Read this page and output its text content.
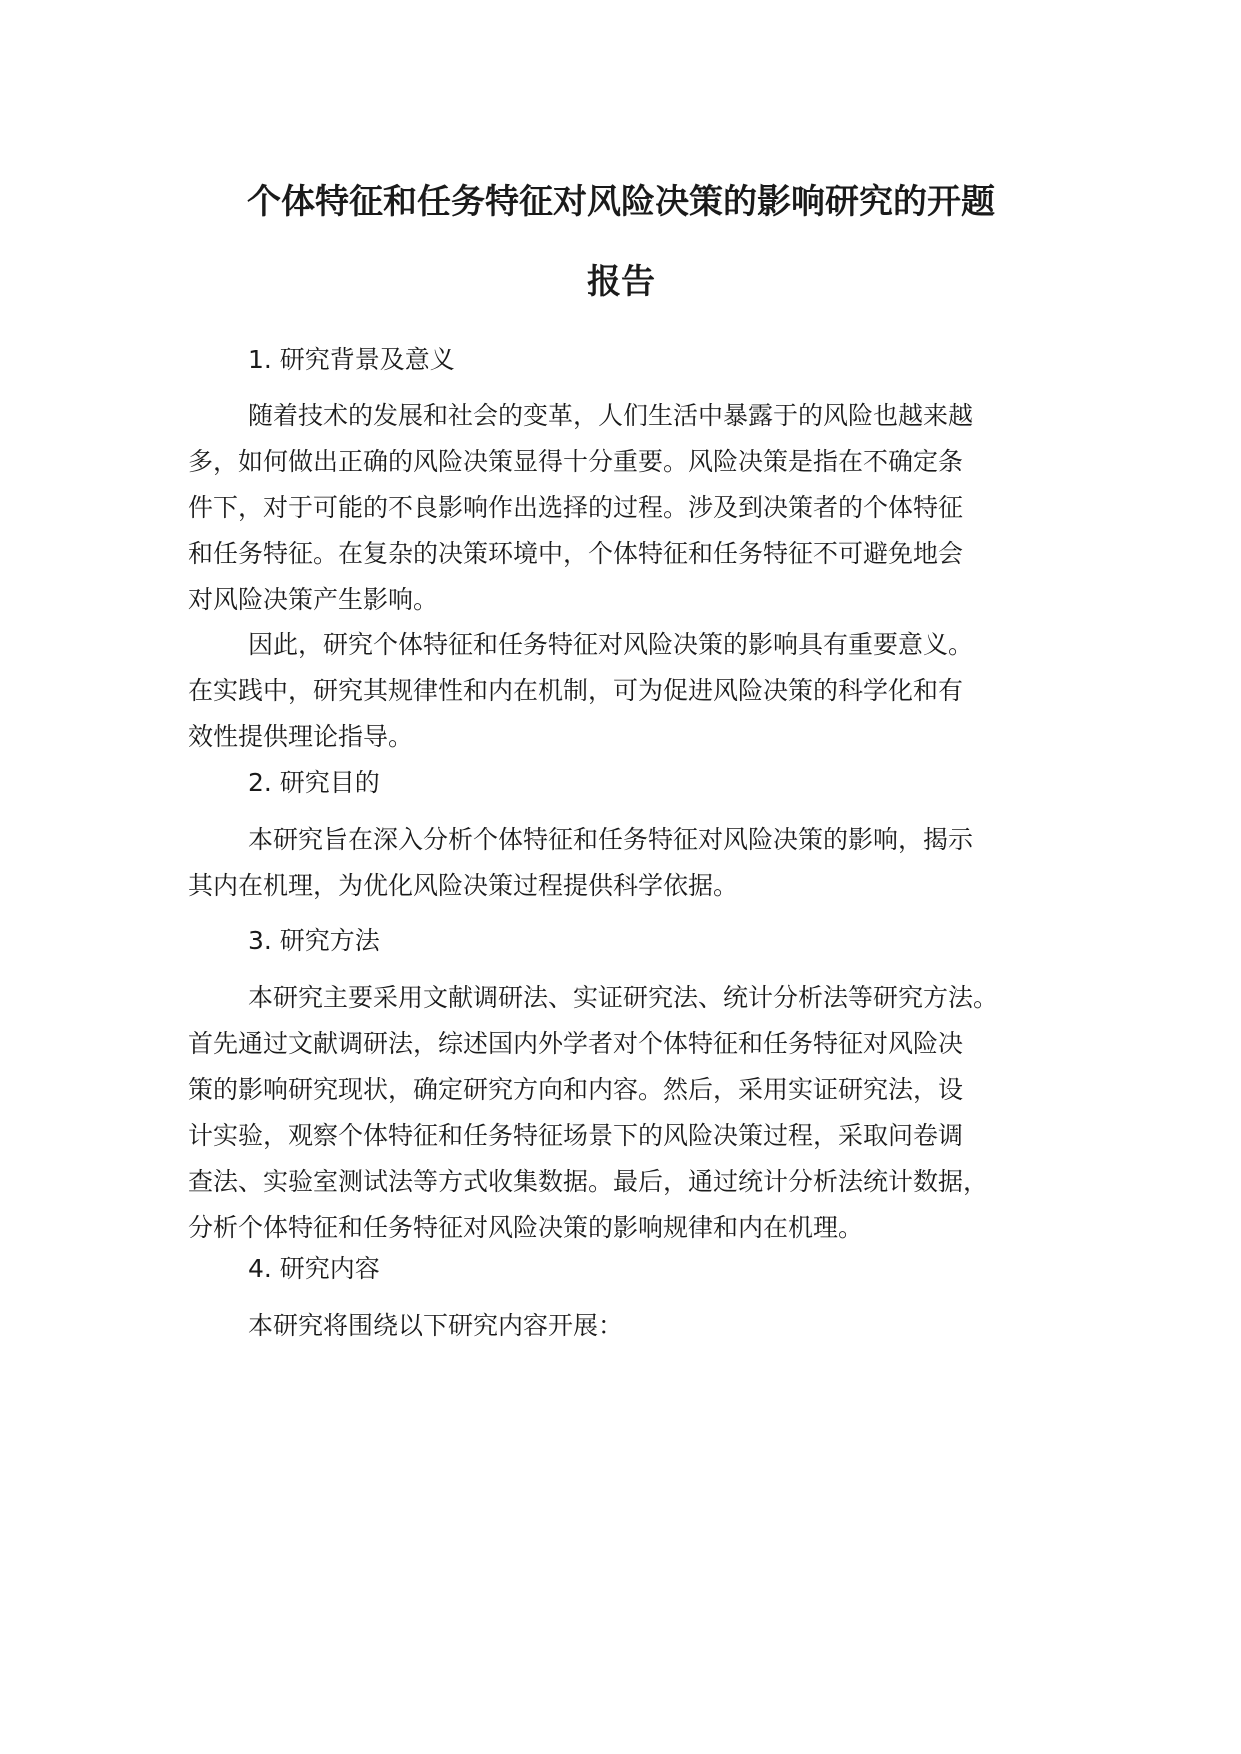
个体特征和任务特征对风险决策的影响研究的开题
报告
1. 研究背景及意义
随着技术的发展和社会的变革，人们生活中暴露于的风险也越来越
多，如何做出正确的风险决策显得十分重要。风险决策是指在不确定条
件下，对于可能的不良影响作出选择的过程。涉及到决策者的个体特征
和任务特征。在复杂的决策环境中，个体特征和任务特征不可避免地会
对风险决策产生影响。
因此，研究个体特征和任务特征对风险决策的影响具有重要意义。
在实践中，研究其规律性和内在机制，可为促进风险决策的科学化和有
效性提供理论指导。
2. 研究目的
本研究旨在深入分析个体特征和任务特征对风险决策的影响，揭示
其内在机理，为优化风险决策过程提供科学依据。
3. 研究方法
本研究主要采用文献调研法、实证研究法、统计分析法等研究方法。
首先通过文献调研法，综述国内外学者对个体特征和任务特征对风险决
策的影响研究现状，确定研究方向和内容。然后，采用实证研究法，设
计实验，观察个体特征和任务特征场景下的风险决策过程，采取问卷调
查法、实验室测试法等方式收集数据。最后，通过统计分析法统计数据，
分析个体特征和任务特征对风险决策的影响规律和内在机理。
4. 研究内容
本研究将围绕以下研究内容开展：
